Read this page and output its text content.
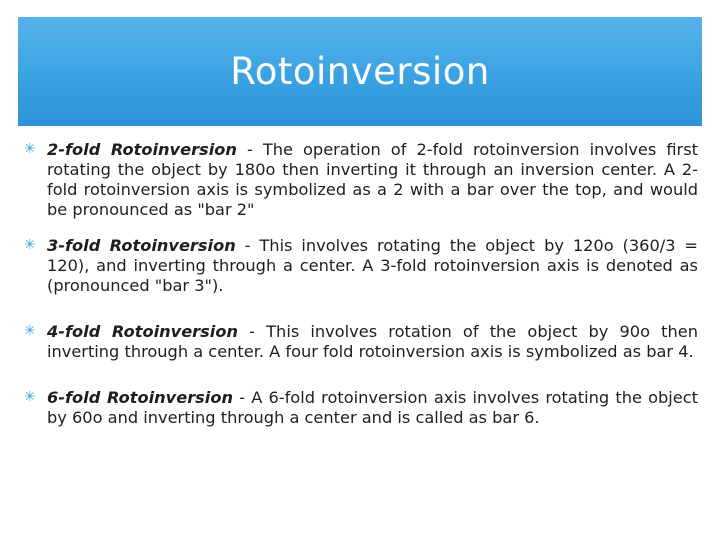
Rotoinversion
✳ 2-fold Rotoinversion - The operation of 2-fold rotoinversion involves first rotating the object by 180o then inverting it through an inversion center. A 2-fold rotoinversion axis is symbolized as a 2 with a bar over the top, and would be pronounced as "bar 2"
✳ 3-fold Rotoinversion - This involves rotating the object by 120o (360/3 = 120), and inverting through a center. A 3-fold rotoinversion axis is denoted as (pronounced "bar 3").
✳ 4-fold Rotoinversion - This involves rotation of the object by 90o then inverting through a center. A four fold rotoinversion axis is symbolized as bar 4.
✳ 6-fold Rotoinversion - A 6-fold rotoinversion axis involves rotating the object by 60o and inverting through a center and is called as bar 6.
